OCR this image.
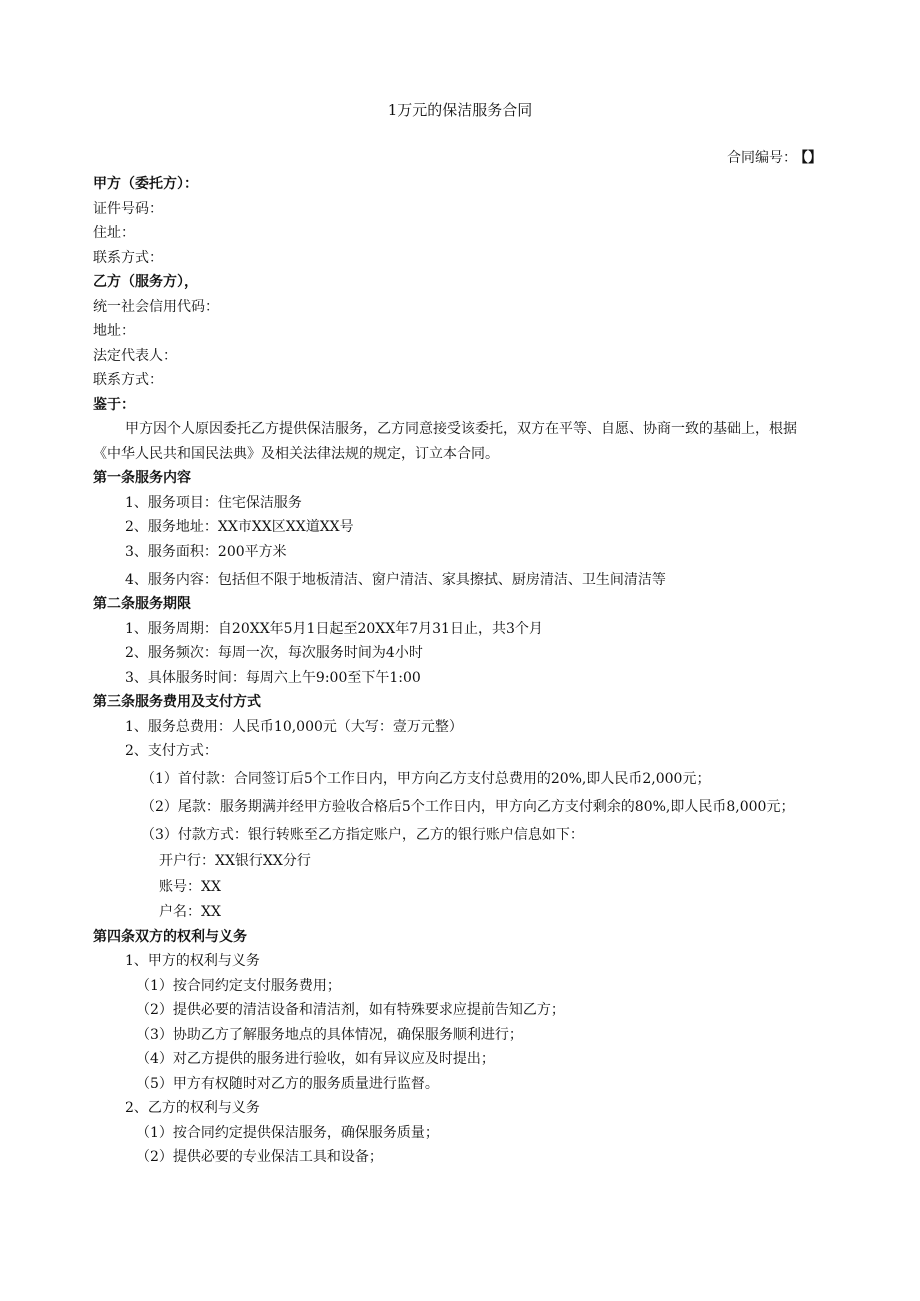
1万元的保洁服务合同
合同编号： 【】
甲方（委托方）：
证件号码：
住址：
联系方式：
乙方（服务方），
统一社会信用代码：
地址：
法定代表人：
联系方式：
鉴于：
甲方因个人原因委托乙方提供保洁服务，乙方同意接受该委托，双方在平等、自愿、协商一致的基础上，根据《中华人民共和国民法典》及相关法律法规的规定，订立本合同。
第一条服务内容
1、服务项目：住宅保洁服务
2、服务地址：XX市XX区XX道XX号
3、服务面积：200平方米
4、服务内容：包括但不限于地板清洁、窗户清洁、家具擦拭、厨房清洁、卫生间清洁等
第二条服务期限
1、服务周期：自20XX年5月1日起至20XX年7月31日止，共3个月
2、服务频次：每周一次，每次服务时间为4小时
3、具体服务时间：每周六上午9:00至下午1:00
第三条服务费用及支付方式
1、服务总费用：人民币10,000元（大写：壹万元整）
2、支付方式：
（1）首付款：合同签订后5个工作日内，甲方向乙方支付总费用的20%,即人民币2,000元；
（2）尾款：服务期满并经甲方验收合格后5个工作日内，甲方向乙方支付剩余的80%,即人民币8,000元；
（3）付款方式：银行转账至乙方指定账户，乙方的银行账户信息如下：
开户行：XX银行XX分行
账号：XX
户名：XX
第四条双方的权利与义务
1、甲方的权利与义务
（1）按合同约定支付服务费用；
（2）提供必要的清洁设备和清洁剂，如有特殊要求应提前告知乙方；
（3）协助乙方了解服务地点的具体情况，确保服务顺利进行；
（4）对乙方提供的服务进行验收，如有异议应及时提出；
（5）甲方有权随时对乙方的服务质量进行监督。
2、乙方的权利与义务
（1）按合同约定提供保洁服务，确保服务质量；
（2）提供必要的专业保洁工具和设备；
